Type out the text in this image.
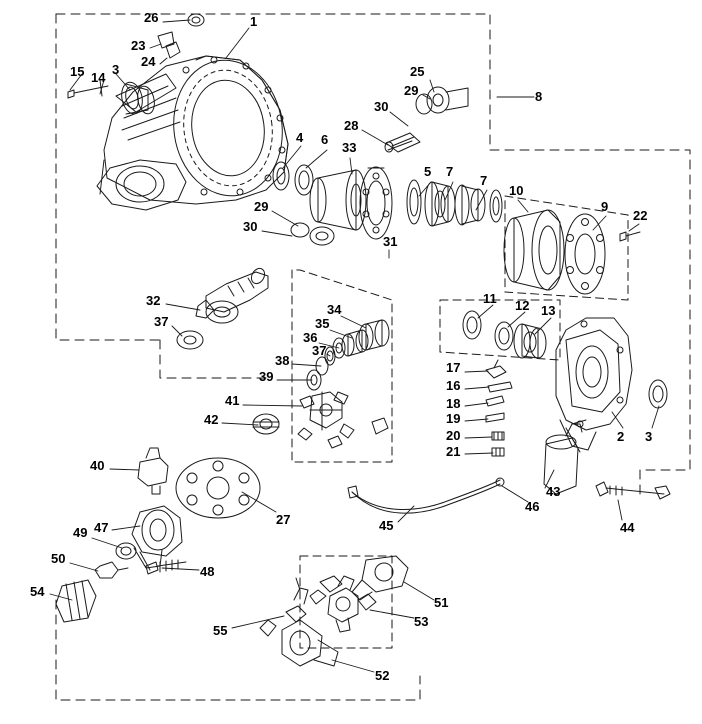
1
26
23
24
14
15 3
8
25
29
30
28
4 6
33
5 7
7
10
9
22
29
30
31
11 12 13
32
37
34
35
36
37
38
39
17
16
18
19
20
21
2 3
41
42
40
27
47
49
50
48
54
45
46
43
44
51
53
52
55
